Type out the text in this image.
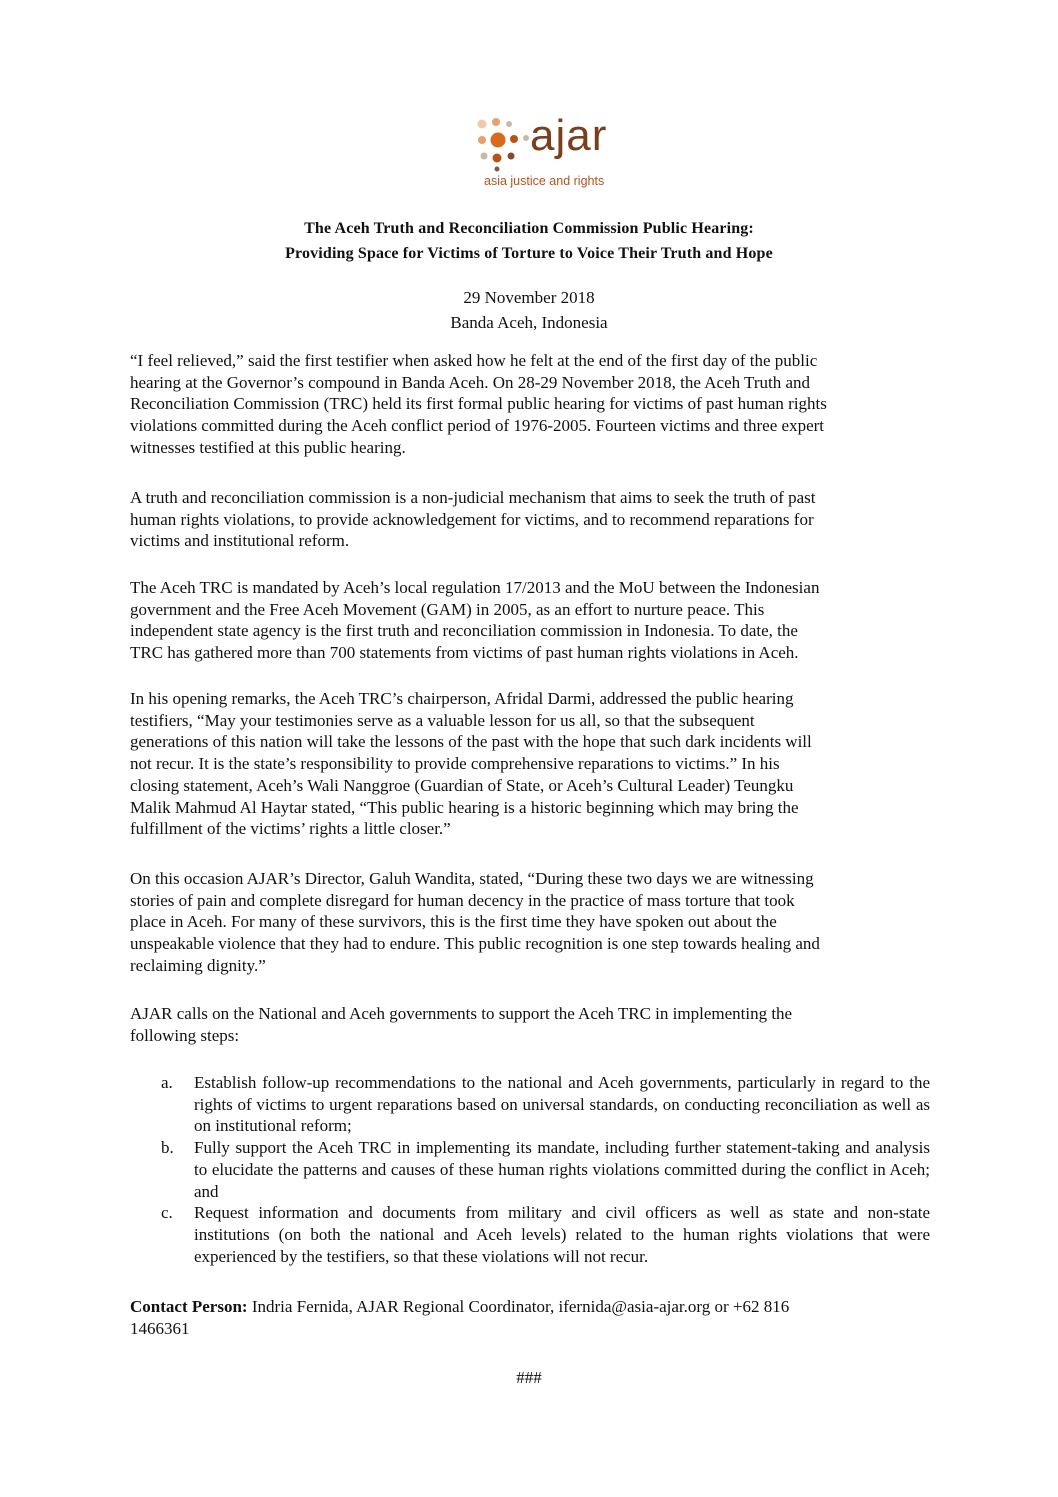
ajar
asia justice and rights
The Aceh Truth and Reconciliation Commission Public Hearing:
Providing Space for Victims of Torture to Voice Their Truth and Hope
29 November 2018
Banda Aceh, Indonesia
“I feel relieved,” said the first testifier when asked how he felt at the end of the first day of the public
hearing at the Governor’s compound in Banda Aceh. On 28-29 November 2018, the Aceh Truth and
Reconciliation Commission (TRC) held its first formal public hearing for victims of past human rights
violations committed during the Aceh conflict period of 1976-2005. Fourteen victims and three expert
witnesses testified at this public hearing.
A truth and reconciliation commission is a non-judicial mechanism that aims to seek the truth of past
human rights violations, to provide acknowledgement for victims, and to recommend reparations for
victims and institutional reform.
The Aceh TRC is mandated by Aceh’s local regulation 17/2013 and the MoU between the Indonesian
government and the Free Aceh Movement (GAM) in 2005, as an effort to nurture peace. This
independent state agency is the first truth and reconciliation commission in Indonesia. To date, the
TRC has gathered more than 700 statements from victims of past human rights violations in Aceh.
In his opening remarks, the Aceh TRC’s chairperson, Afridal Darmi, addressed the public hearing
testifiers, “May your testimonies serve as a valuable lesson for us all, so that the subsequent
generations of this nation will take the lessons of the past with the hope that such dark incidents will
not recur. It is the state’s responsibility to provide comprehensive reparations to victims.” In his
closing statement, Aceh’s Wali Nanggroe (Guardian of State, or Aceh’s Cultural Leader) Teungku
Malik Mahmud Al Haytar stated, “This public hearing is a historic beginning which may bring the
fulfillment of the victims’ rights a little closer.”
On this occasion AJAR’s Director, Galuh Wandita, stated, “During these two days we are witnessing
stories of pain and complete disregard for human decency in the practice of mass torture that took
place in Aceh. For many of these survivors, this is the first time they have spoken out about the
unspeakable violence that they had to endure. This public recognition is one step towards healing and
reclaiming dignity.”
AJAR calls on the National and Aceh governments to support the Aceh TRC in implementing the
following steps:
a. Establish follow-up recommendations to the national and Aceh governments, particularly in regard to the rights of victims to urgent reparations based on universal standards, on conducting reconciliation as well as on institutional reform;
b. Fully support the Aceh TRC in implementing its mandate, including further statement-taking and analysis to elucidate the patterns and causes of these human rights violations committed during the conflict in Aceh; and
c. Request information and documents from military and civil officers as well as state and non-state institutions (on both the national and Aceh levels) related to the human rights violations that were experienced by the testifiers, so that these violations will not recur.
Contact Person: Indria Fernida, AJAR Regional Coordinator, ifernida@asia-ajar.org or +62 816
1466361
###
